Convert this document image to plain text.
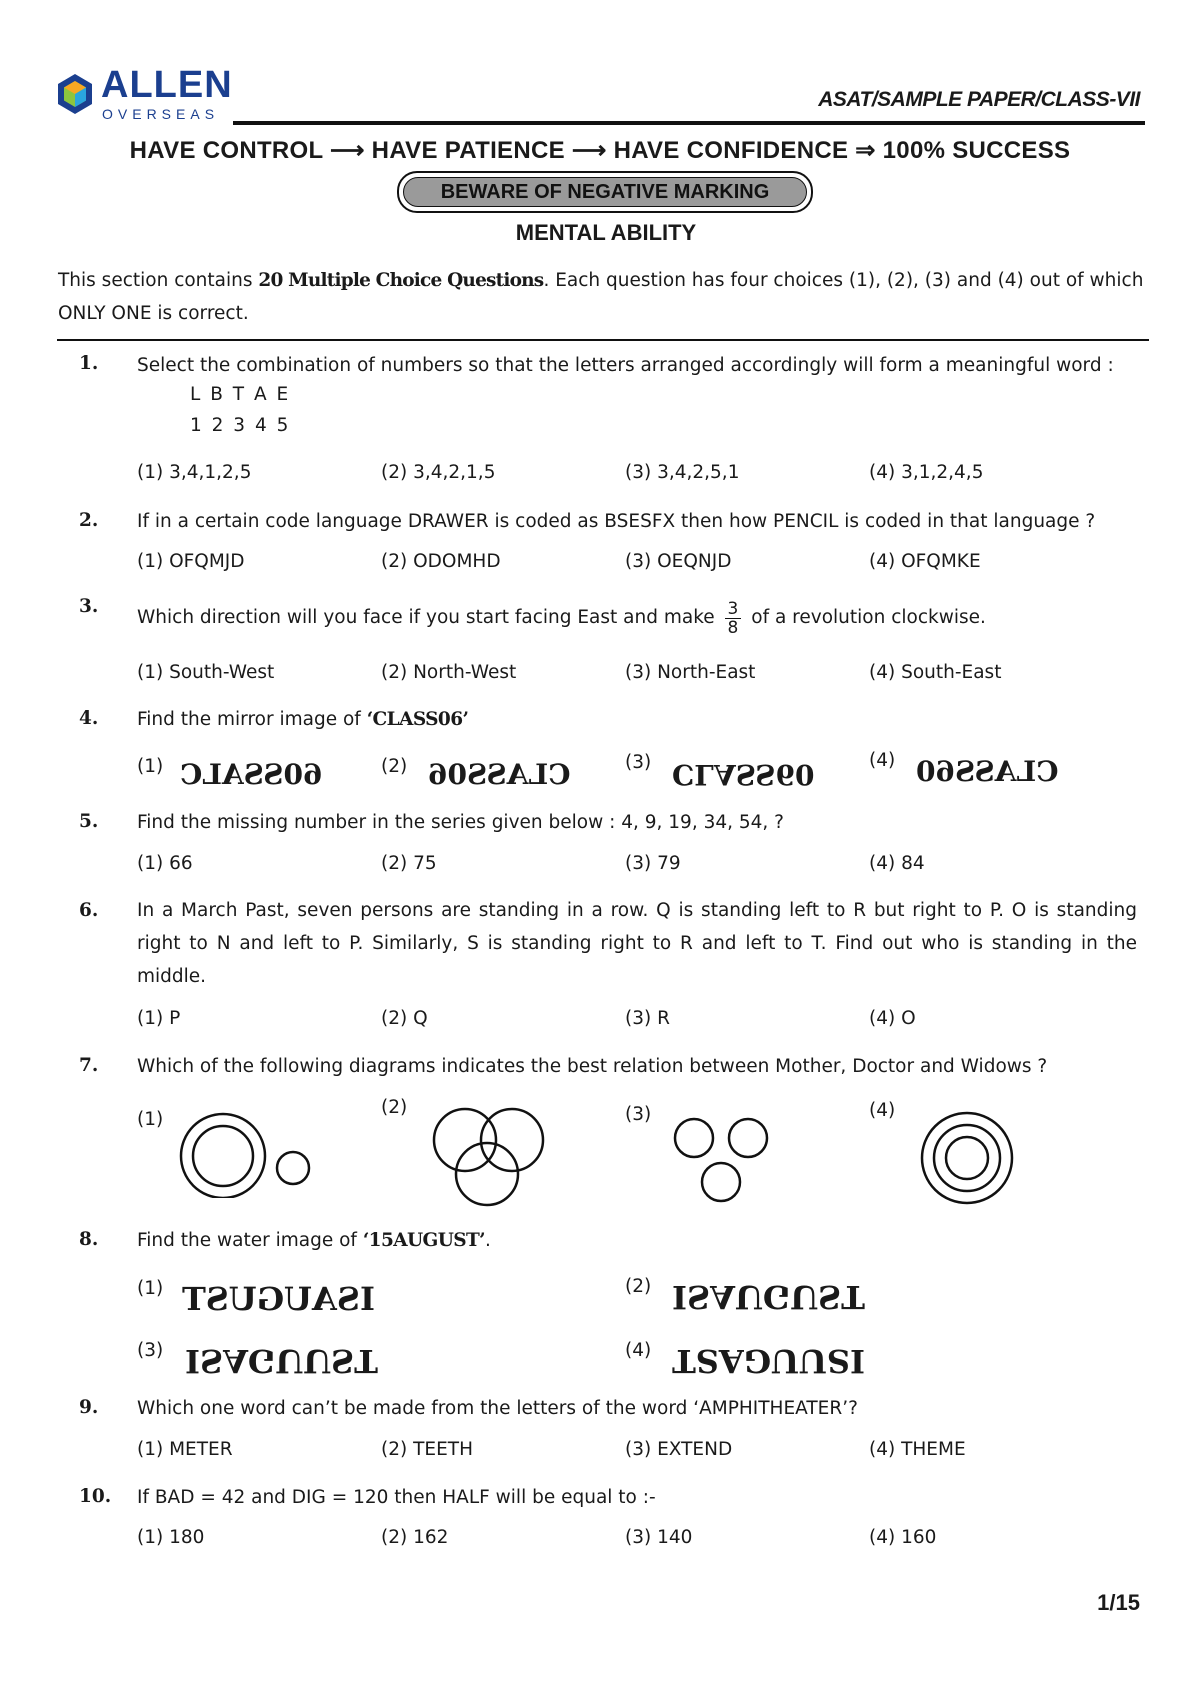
ALLEN
OVERSEAS
ASAT/SAMPLE PAPER/CLASS-VII
HAVE CONTROL ⟶ HAVE PATIENCE ⟶ HAVE CONFIDENCE ⇒ 100% SUCCESS
BEWARE OF NEGATIVE MARKING
MENTAL ABILITY
This section contains 20 Multiple Choice Questions. Each question has four choices (1), (2), (3) and (4) out of which ONLY ONE is correct.
1. Select the combination of numbers so that the letters arranged accordingly will form a meaningful word :
L B T A E
1 2 3 4 5
(1) 3,4,1,2,5	(2) 3,4,2,1,5	(3) 3,4,2,5,1	(4) 3,1,2,4,5
2. If in a certain code language DRAWER is coded as BSESFX then how PENCIL is coded in that language ?
(1) OFQMJD	(2) ODOMHD	(3) OEQNJD	(4) OFQMKE
3.
Which direction will you face if you start facing East and make $\frac{3}{8}$ of a revolution clockwise.
(1) South-West	(2) North-West	(3) North-East	(4) South-East
4. Find the mirror image of ‘CLASS06’
(1) 60SSALC	(2) CLASS06	(3) CLASS60	(4) CLASS60
5. Find the missing number in the series given below : 4, 9, 19, 34, 54, ?
(1) 66	(2) 75	(3) 79	(4) 84
6. In a March Past, seven persons are standing in a row. Q is standing left to R but right to P. O is standing right to N and left to P. Similarly, S is standing right to R and left to T. Find out who is standing in the middle.
(1) P	(2) Q	(3) R	(4) O
7. Which of the following diagrams indicates the best relation between Mother, Doctor and Widows ?
(1)
(2)	(3)	(4)
8. Find the water image of ‘15AUGUST’.
(1) ISAUGUST	(2) ISAUGUST
(3) ISAGUUST	(4) ISUUGAST
9. Which one word can’t be made from the letters of the word ‘AMPHITHEATER’?
(1) METER	(2) TEETH	(3) EXTEND	(4) THEME
10. If BAD = 42 and DIG = 120 then HALF will be equal to :-
(1) 180	(2) 162	(3) 140	(4) 160
1/15
